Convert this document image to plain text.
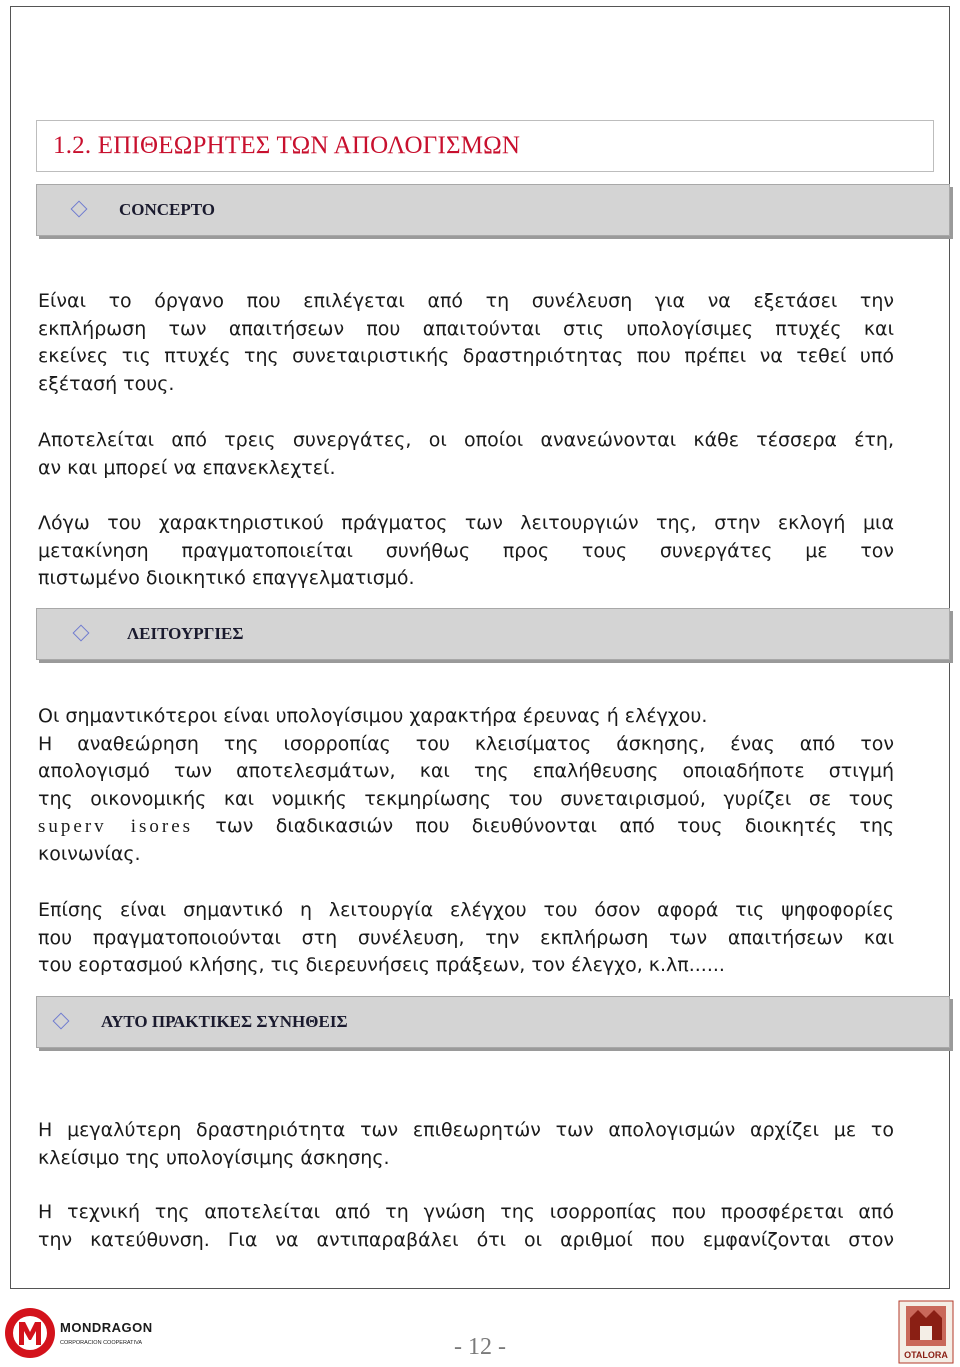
1.2. ΕΠΙΘΕΩΡΗΤΕΣ ΤΩΝ ΑΠΟΛΟΓΙΣΜΩΝ
CONCEPTO
Είναι το όργανο που επιλέγεται από τη συνέλευση για να εξετάσει την
εκπλήρωση των απαιτήσεων που απαιτούνται στις υπολογίσιμες πτυχές και
εκείνες τις πτυχές της συνεταιριστικής δραστηριότητας που πρέπει να τεθεί υπό
εξέτασή τους.
Αποτελείται από τρεις συνεργάτες, οι οποίοι ανανεώνονται κάθε τέσσερα έτη,
αν και μπορεί να επανεκλεχτεί.
Λόγω του χαρακτηριστικού πράγματος των λειτουργιών της, στην εκλογή μια
μετακίνηση πραγματοποιείται συνήθως προς τους συνεργάτες με τον
πιστωμένο διοικητικό επαγγελματισμό.
ΛΕΙΤΟΥΡΓΙΕΣ
Οι σημαντικότεροι είναι υπολογίσιμου χαρακτήρα έρευνας ή ελέγχου.
Η αναθεώρηση της ισορροπίας του κλεισίματος άσκησης, ένας από τον
απολογισμό των αποτελεσμάτων, και της επαλήθευσης οποιαδήποτε στιγμή
της οικονομικής και νομικής τεκμηρίωσης του συνεταιρισμού, γυρίζει σε τους
superv isores των διαδικασιών που διευθύνονται από τους διοικητές της
κοινωνίας.
Επίσης είναι σημαντικό η λειτουργία ελέγχου του όσον αφορά τις ψηφοφορίες
που πραγματοποιούνται στη συνέλευση, την εκπλήρωση των απαιτήσεων και
του εορτασμού κλήσης, τις διερευνήσεις πράξεων, τον έλεγχο, κ.λπ......
ΑΥΤΟ ΠΡΑΚΤΙΚΕΣ ΣΥΝΗΘΕΙΣ
Η μεγαλύτερη δραστηριότητα των επιθεωρητών των απολογισμών αρχίζει με το
κλείσιμο της υπολογίσιμης άσκησης.
Η τεχνική της αποτελείται από τη γνώση της ισορροπίας που προσφέρεται από
την κατεύθυνση. Για να αντιπαραβάλει ότι οι αριθμοί που εμφανίζονται στον
MONDRAGON
CORPORACION COOPERATIVA	- 12 -	OTALORA
